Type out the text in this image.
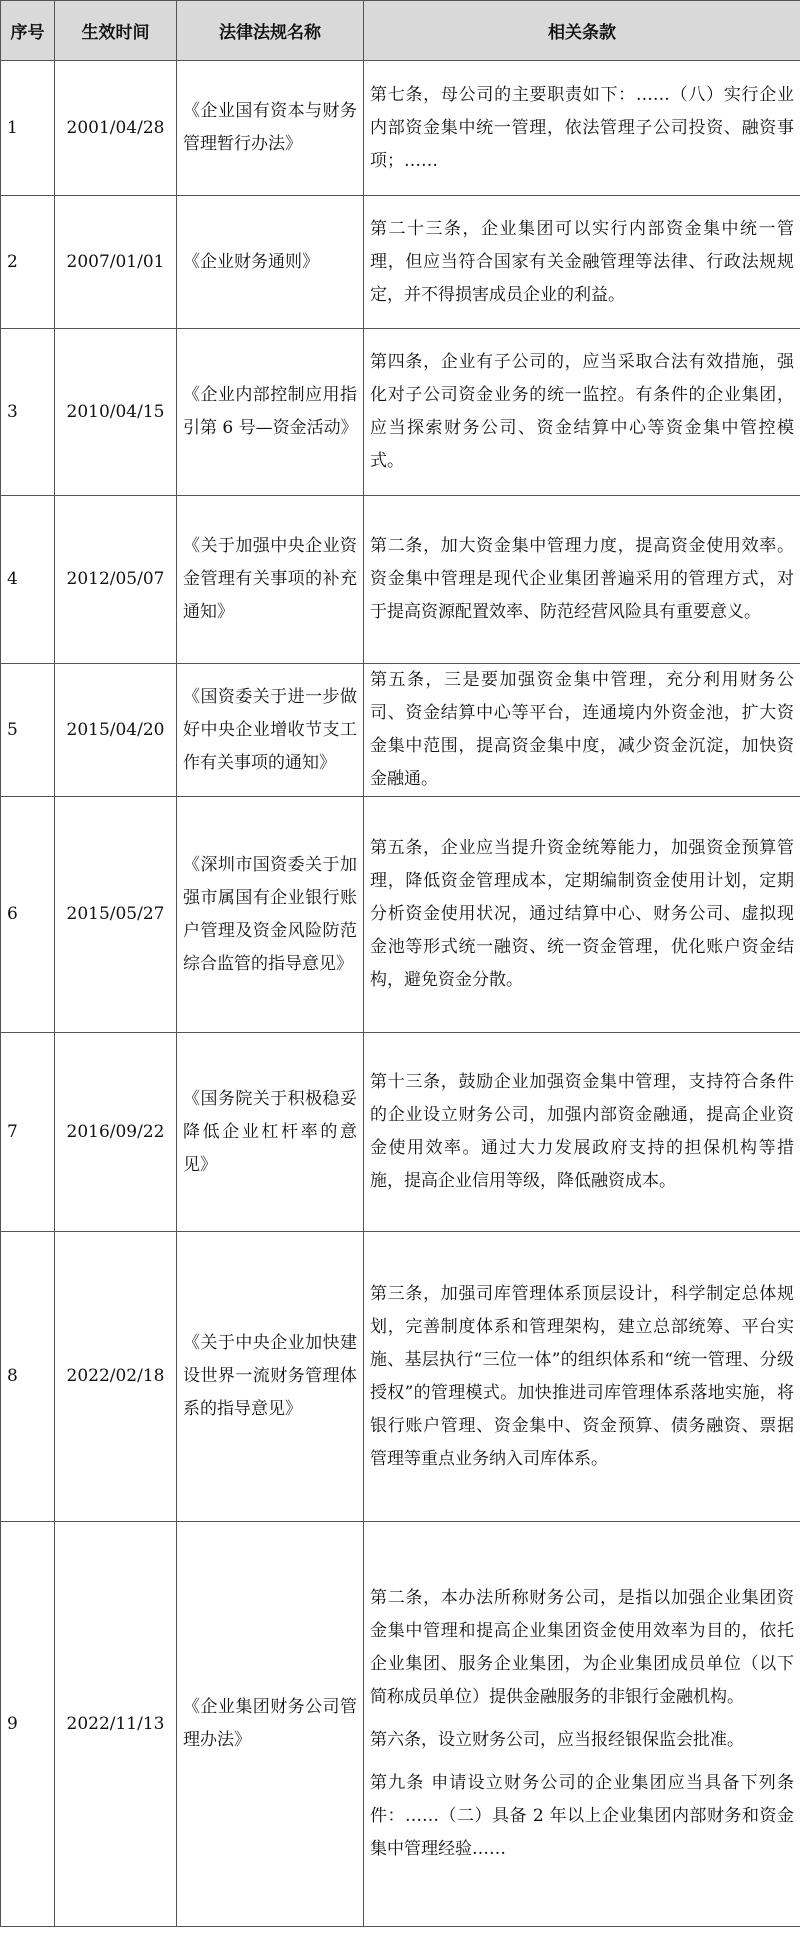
序号	生效时间	法律法规名称	相关条款
1	2001/04/28	《企业国有资本与财务管理暂行办法》	第七条，母公司的主要职责如下：……（八）实行企业内部资金集中统一管理，依法管理子公司投资、融资事项；……

2	2007/01/01	《企业财务通则》	第二十三条，企业集团可以实行内部资金集中统一管理，但应当符合国家有关金融管理等法律、行政法规规定，并不得损害成员企业的利益。

3	2010/04/15	《企业内部控制应用指引第 6 号—资金活动》	第四条，企业有子公司的，应当采取合法有效措施，强化对子公司资金业务的统一监控。有条件的企业集团，应当探索财务公司、资金结算中心等资金集中管控模式。

4	2012/05/07	《关于加强中央企业资金管理有关事项的补充通知》	第二条，加大资金集中管理力度，提高资金使用效率。资金集中管理是现代企业集团普遍采用的管理方式，对于提高资源配置效率、防范经营风险具有重要意义。

5	2015/04/20	《国资委关于进一步做好中央企业增收节支工作有关事项的通知》	第五条，三是要加强资金集中管理，充分利用财务公司、资金结算中心等平台，连通境内外资金池，扩大资金集中范围，提高资金集中度，减少资金沉淀，加快资金融通。

6	2015/05/27	《深圳市国资委关于加强市属国有企业银行账户管理及资金风险防范综合监管的指导意见》	第五条，企业应当提升资金统筹能力，加强资金预算管理，降低资金管理成本，定期编制资金使用计划，定期分析资金使用状况，通过结算中心、财务公司、虚拟现金池等形式统一融资、统一资金管理，优化账户资金结构，避免资金分散。

7	2016/09/22	《国务院关于积极稳妥降低企业杠杆率的意见》	第十三条，鼓励企业加强资金集中管理，支持符合条件的企业设立财务公司，加强内部资金融通，提高企业资金使用效率。通过大力发展政府支持的担保机构等措施，提高企业信用等级，降低融资成本。

8	2022/02/18	《关于中央企业加快建设世界一流财务管理体系的指导意见》	第三条，加强司库管理体系顶层设计，科学制定总体规划，完善制度体系和管理架构，建立总部统筹、平台实施、基层执行“三位一体”的组织体系和“统一管理、分级授权”的管理模式。加快推进司库管理体系落地实施，将银行账户管理、资金集中、资金预算、债务融资、票据管理等重点业务纳入司库体系。

9	2022/11/13	《企业集团财务公司管理办法》	第二条，本办法所称财务公司，是指以加强企业集团资金集中管理和提高企业集团资金使用效率为目的，依托企业集团、服务企业集团，为企业集团成员单位（以下简称成员单位）提供金融服务的非银行金融机构。

第六条，设立财务公司，应当报经银保监会批准。

第九条 申请设立财务公司的企业集团应当具备下列条件：……（二）具备 2 年以上企业集团内部财务和资金集中管理经验……
